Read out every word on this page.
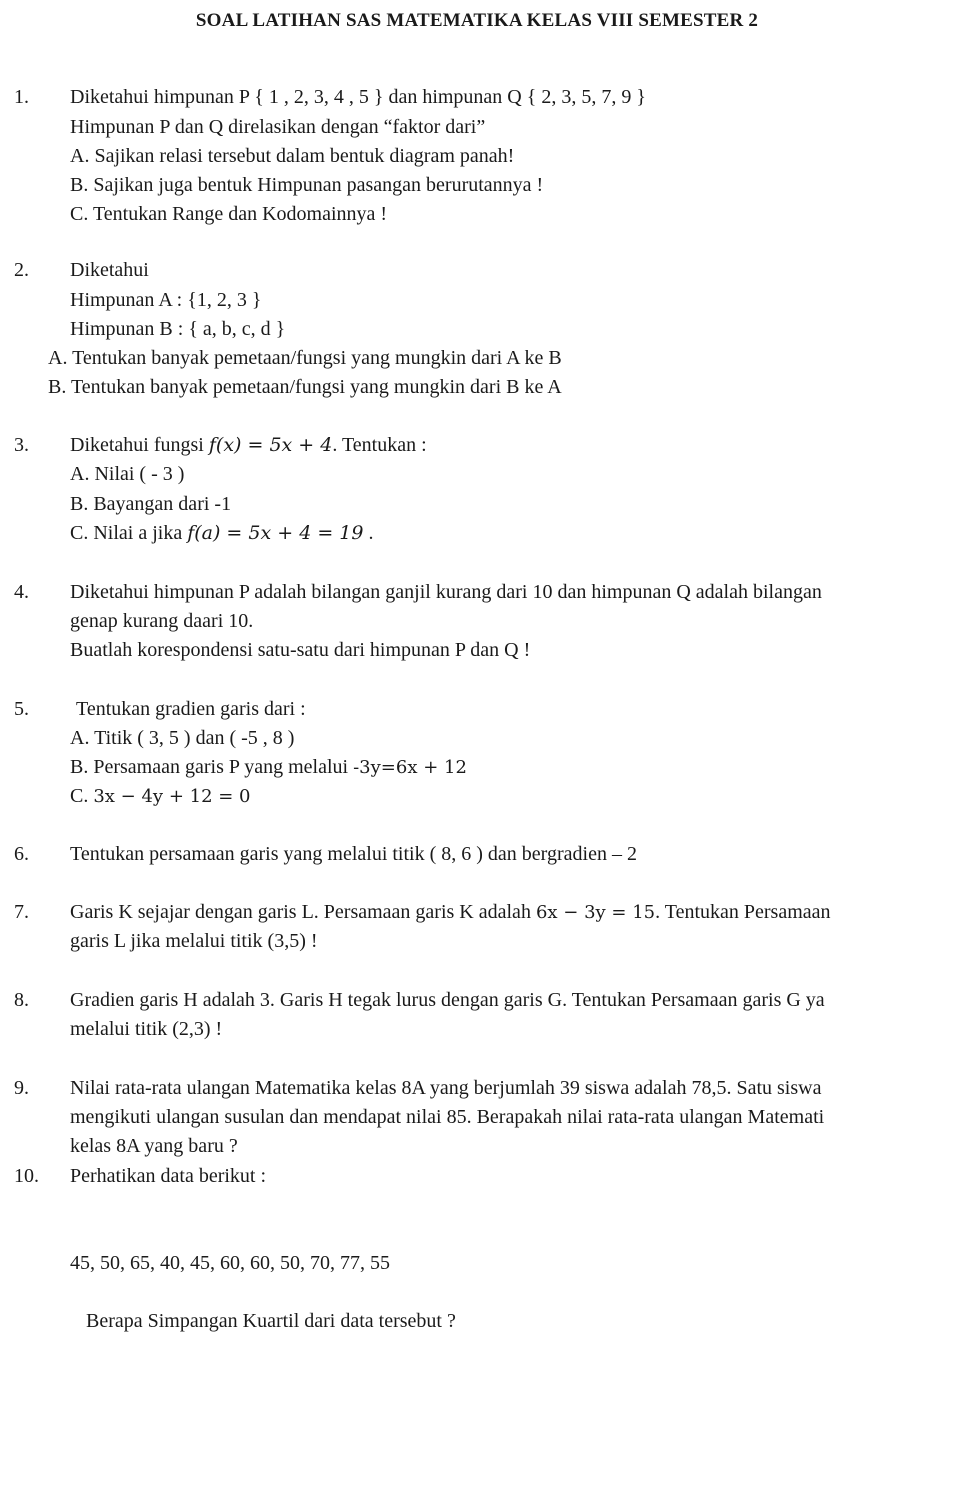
SOAL LATIHAN SAS MATEMATIKA KELAS VIII SEMESTER 2
1. Diketahui himpunan P { 1 , 2, 3, 4 , 5 } dan himpunan Q { 2, 3, 5, 7, 9 }
Himpunan P dan Q direlasikan dengan “faktor dari”
A. Sajikan relasi tersebut dalam bentuk diagram panah!
B. Sajikan juga bentuk Himpunan pasangan berurutannya !
C. Tentukan Range dan Kodomainnya !
2. Diketahui
Himpunan A : {1, 2, 3 }
Himpunan B : { a, b, c, d }
A. Tentukan banyak pemetaan/fungsi yang mungkin dari A ke B
B. Tentukan banyak pemetaan/fungsi yang mungkin dari B ke A
3. Diketahui fungsi f(x) = 5x + 4. Tentukan :
A. Nilai ( - 3 )
B. Bayangan dari -1
C. Nilai a jika f(a) = 5x + 4 = 19 .
4. Diketahui himpunan P adalah bilangan ganjil kurang dari 10 dan himpunan Q adalah bilangan
genap kurang daari 10.
Buatlah korespondensi satu-satu dari himpunan P dan Q !
5. Tentukan gradien garis dari :
A. Titik ( 3, 5 ) dan ( -5 , 8 )
B. Persamaan garis P yang melalui -3y=6x + 12
C. 3x − 4y + 12 = 0
6. Tentukan persamaan garis yang melalui titik ( 8, 6 ) dan bergradien – 2
7. Garis K sejajar dengan garis L. Persamaan garis K adalah 6x − 3y = 15. Tentukan Persamaan
garis L jika melalui titik (3,5) !
8. Gradien garis H adalah 3. Garis H tegak lurus dengan garis G. Tentukan Persamaan garis G ya
melalui titik (2,3) !
9. Nilai rata-rata ulangan Matematika kelas 8A yang berjumlah 39 siswa adalah 78,5. Satu siswa
mengikuti ulangan susulan dan mendapat nilai 85. Berapakah nilai rata-rata ulangan Matemati
kelas 8A yang baru ?
10. Perhatikan data berikut :
45, 50, 65, 40, 45, 60, 60, 50, 70, 77, 55
Berapa Simpangan Kuartil dari data tersebut ?
